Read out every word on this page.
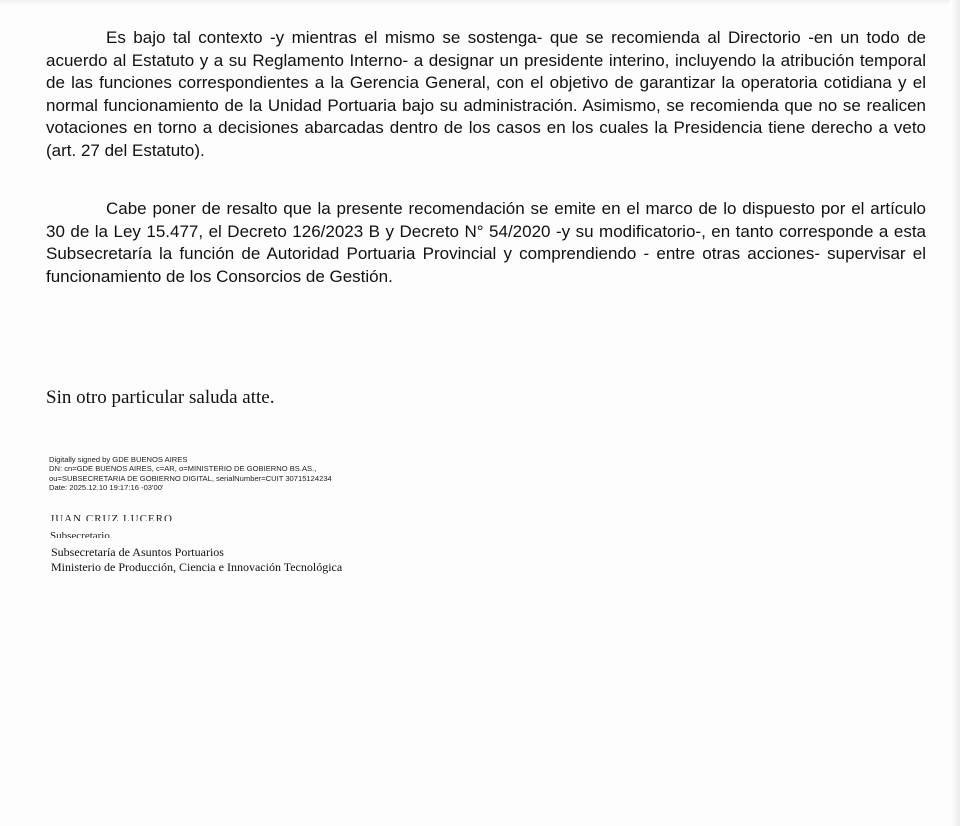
Es bajo tal contexto -y mientras el mismo se sostenga- que se recomienda al Directorio -en un todo de acuerdo al Estatuto y a su Reglamento Interno- a designar un presidente interino, incluyendo la atribución temporal de las funciones correspondientes a la Gerencia General, con el objetivo de garantizar la operatoria cotidiana y el normal funcionamiento de la Unidad Portuaria bajo su administración. Asimismo, se recomienda que no se realicen votaciones en torno a decisiones abarcadas dentro de los casos en los cuales la Presidencia tiene derecho a veto (art. 27 del Estatuto).

Cabe poner de resalto que la presente recomendación se emite en el marco de lo dispuesto por el artículo 30 de la Ley 15.477, el Decreto 126/2023 B y Decreto N° 54/2020 -y su modificatorio-, en tanto corresponde a esta Subsecretaría la función de Autoridad Portuaria Provincial y comprendiendo - entre otras acciones- supervisar el funcionamiento de los Consorcios de Gestión.

Sin otro particular saluda atte.

Digitally signed by GDE BUENOS AIRES
DN: cn=GDE BUENOS AIRES, c=AR, o=MINISTERIO DE GOBIERNO BS.AS.,
ou=SUBSECRETARIA DE GOBIERNO DIGITAL, serialNumber=CUIT 30715124234
Date: 2025.12.10 19:17:16 -03'00'
JUAN CRUZ LUCERO
Subsecretario
Subsecretaría de Asuntos Portuarios
Ministerio de Producción, Ciencia e Innovación Tecnológica
